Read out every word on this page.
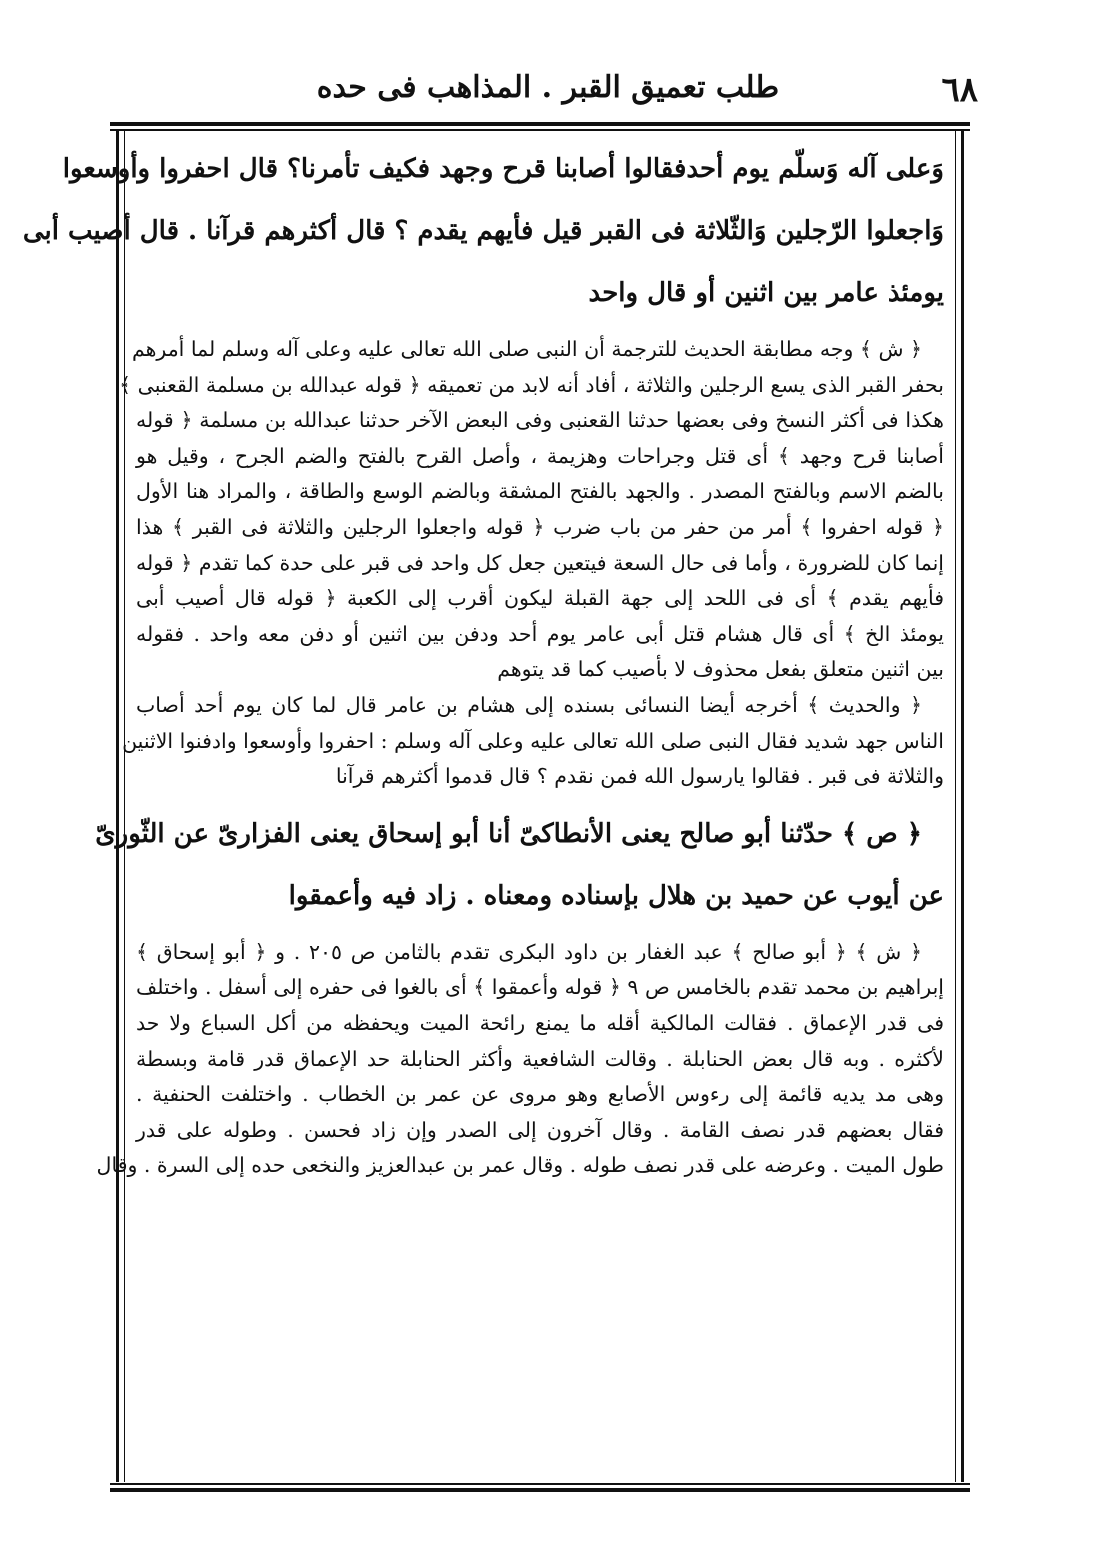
٦٨
طلب تعميق القبر . المذاهب فى حده
وَعلى آله وَسلّم يوم أحدفقالوا أصابنا قرح وجهد فكيف تأمرنا؟ قال احفروا وأوسعوا
وَاجعلوا الرّجلين وَالثّلاثة فى القبر قيل فأيهم يقدم ؟ قال أكثرهم قرآنا . قال أصيب أبى
يومئذ عامر بين اثنين أو قال واحد
﴿ ش ﴾ وجه مطابقة الحديث للترجمة أن النبى صلى الله تعالى عليه وعلى آله وسلم لما أمرهم
بحفر القبر الذى يسع الرجلين والثلاثة ، أفاد أنه لابد من تعميقه ﴿ قوله عبدالله بن مسلمة القعنبى ﴾
هكذا فى أكثر النسخ وفى بعضها حدثنا القعنبى وفى البعض الآخر حدثنا عبدالله بن مسلمة ﴿ قوله
أصابنا قرح وجهد ﴾ أى قتل وجراحات وهزيمة ، وأصل القرح بالفتح والضم الجرح ، وقيل هو
بالضم الاسم وبالفتح المصدر . والجهد بالفتح المشقة وبالضم الوسع والطاقة ، والمراد هنا الأول
﴿ قوله احفروا ﴾ أمر من حفر من باب ضرب ﴿ قوله واجعلوا الرجلين والثلاثة فى القبر ﴾ هذا
إنما كان للضرورة ، وأما فى حال السعة فيتعين جعل كل واحد فى قبر على حدة كما تقدم ﴿ قوله
فأيهم يقدم ﴾ أى فى اللحد إلى جهة القبلة ليكون أقرب إلى الكعبة ﴿ قوله قال أصيب أبى
يومئذ الخ ﴾ أى قال هشام قتل أبى عامر يوم أحد ودفن بين اثنين أو دفن معه واحد . فقوله
بين اثنين متعلق بفعل محذوف لا بأصيب كما قد يتوهم
﴿ والحديث ﴾ أخرجه أيضا النسائى بسنده إلى هشام بن عامر قال لما كان يوم أحد أصاب
الناس جهد شديد فقال النبى صلى الله تعالى عليه وعلى آله وسلم : احفروا وأوسعوا وادفنوا الاثنين
والثلاثة فى قبر . فقالوا يارسول الله فمن نقدم ؟ قال قدموا أكثرهم قرآنا
﴿ ص ﴾ حدّثنا أبو صالح يعنى الأنطاكىّ أنا أبو إسحاق يعنى الفزارىّ عن الثّورىّ
عن أيوب عن حميد بن هلال بإسناده ومعناه . زاد فيه وأعمقوا
﴿ ش ﴾ ﴿ أبو صالح ﴾ عبد الغفار بن داود البكرى تقدم بالثامن ص ٢٠٥ . و ﴿ أبو إسحاق ﴾
إبراهيم بن محمد تقدم بالخامس ص ٩ ﴿ قوله وأعمقوا ﴾ أى بالغوا فى حفره إلى أسفل . واختلف
فى قدر الإعماق . فقالت المالكية أقله ما يمنع رائحة الميت ويحفظه من أكل السباع ولا حد
لأكثره . وبه قال بعض الحنابلة . وقالت الشافعية وأكثر الحنابلة حد الإعماق قدر قامة وبسطة
وهى مد يديه قائمة إلى رءوس الأصابع وهو مروى عن عمر بن الخطاب . واختلفت الحنفية .
فقال بعضهم قدر نصف القامة . وقال آخرون إلى الصدر وإن زاد فحسن . وطوله على قدر
طول الميت . وعرضه على قدر نصف طوله . وقال عمر بن عبدالعزيز والنخعى حده إلى السرة . وقال
